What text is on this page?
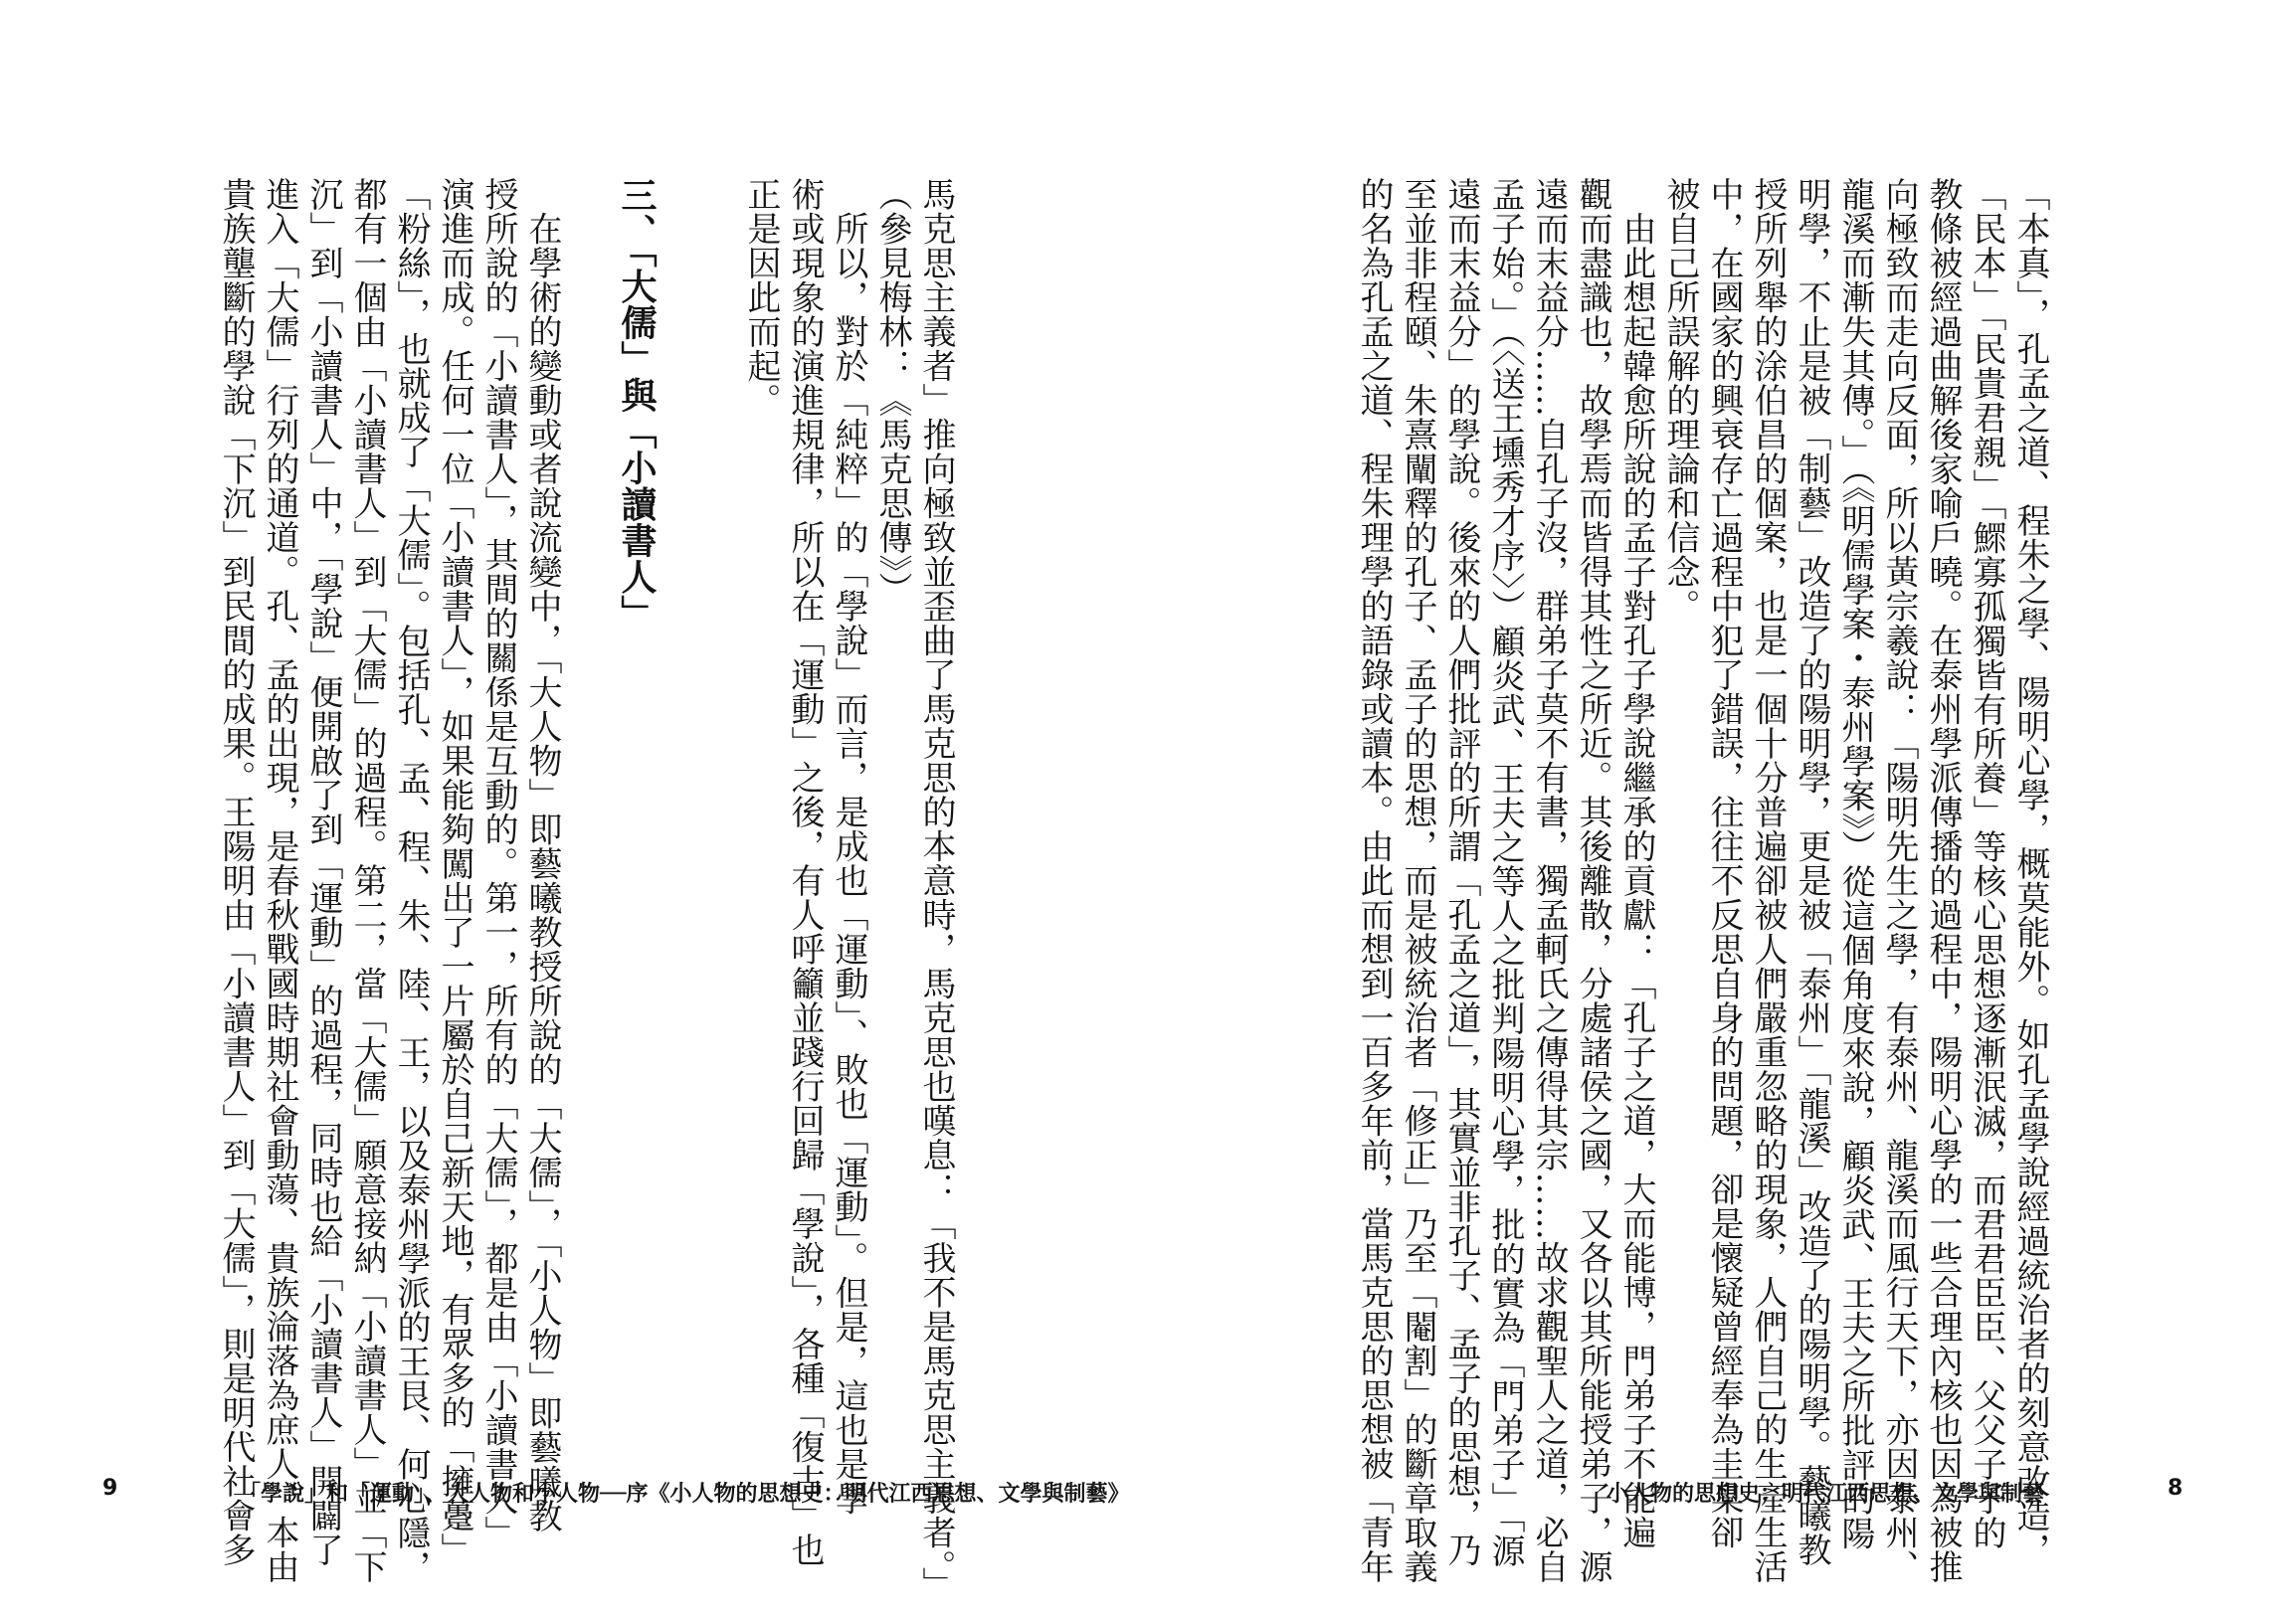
馬克思主義者」推向極致並歪曲了馬克思的本意時，馬克思也嘆息：「我不是馬克思主義者。」
（參見梅林：《馬克思傳》）
　所以，對於「純粹」的「學說」而言，是成也「運動」、敗也「運動」。但是，這也是學
術或現象的演進規律，所以在「運動」之後，有人呼籲並踐行回歸「學說」，各種「復古」也
正是因此而起。
三、「大儒」與「小讀書人」
　在學術的變動或者說流變中，「大人物」即藝曦教授所說的「大儒」，「小人物」即藝曦教
授所說的「小讀書人」，其間的關係是互動的。第一，所有的「大儒」，都是由「小讀書人」
演進而成。任何一位「小讀書人」，如果能夠闖出了一片屬於自己新天地，有眾多的「擁躉」
「粉絲」，也就成了「大儒」。包括孔、孟、程、朱、陸、王，以及泰州學派的王艮、何心隱，
都有一個由「小讀書人」到「大儒」的過程。第二，當「大儒」願意接納「小讀書人」並「下
沉」到「小讀書人」中，「學說」便開啟了到「運動」的過程，同時也給「小讀書人」開闢了
進入「大儒」行列的通道。孔、孟的出現，是春秋戰國時期社會動蕩、貴族淪落為庶人、本由
貴族壟斷的學說「下沉」到民間的成果。王陽明由「小讀書人」到「大儒」，則是明代社會多
9	「學說」和「運動」、大人物和小人物──序《小人物的思想史：明代江西思想、文學與制藝》	「本真」，孔孟之道、程朱之學、陽明心學，概莫能外。如孔孟學說經過統治者的刻意改造，
「民本」「民貴君親」「鰥寡孤獨皆有所養」等核心思想逐漸泯滅，而君君臣臣、父父子子的
教條被經過曲解後家喻戶曉。在泰州學派傳播的過程中，陽明心學的一些合理內核也因為被推
向極致而走向反面，所以黃宗羲說：「陽明先生之學，有泰州、龍溪而風行天下，亦因泰州、
龍溪而漸失其傳。」（《明儒學案・泰州學案》）從這個角度來說，顧炎武、王夫之所批評的陽
明學，不止是被「制藝」改造了的陽明學，更是被「泰州」「龍溪」改造了的陽明學。藝曦教
授所列舉的涂伯昌的個案，也是一個十分普遍卻被人們嚴重忽略的現象，人們自己的生產生活
中，在國家的興衰存亡過程中犯了錯誤，往往不反思自身的問題，卻是懷疑曾經奉為圭臬卻
被自己所誤解的理論和信念。
　由此想起韓愈所說的孟子對孔子學說繼承的貢獻：「孔子之道，大而能博，門弟子不能遍
觀而盡識也，故學焉而皆得其性之所近。其後離散，分處諸侯之國，又各以其所能授弟子，源
遠而末益分……自孔子沒，群弟子莫不有書，獨孟軻氏之傳得其宗……故求觀聖人之道，必自
孟子始。」（〈送王壎秀才序〉）顧炎武、王夫之等人之批判陽明心學，批的實為「門弟子」「源
遠而末益分」的學說。後來的人們批評的所謂「孔孟之道」，其實並非孔子、孟子的思想，乃
至並非程頤、朱熹闡釋的孔子、孟子的思想，而是被統治者「修正」乃至「閹割」的斷章取義
的名為孔孟之道、程朱理學的語錄或讀本。由此而想到一百多年前，當馬克思的思想被「青年	小人物的思想史：明代江西思想、文學與制藝	8
